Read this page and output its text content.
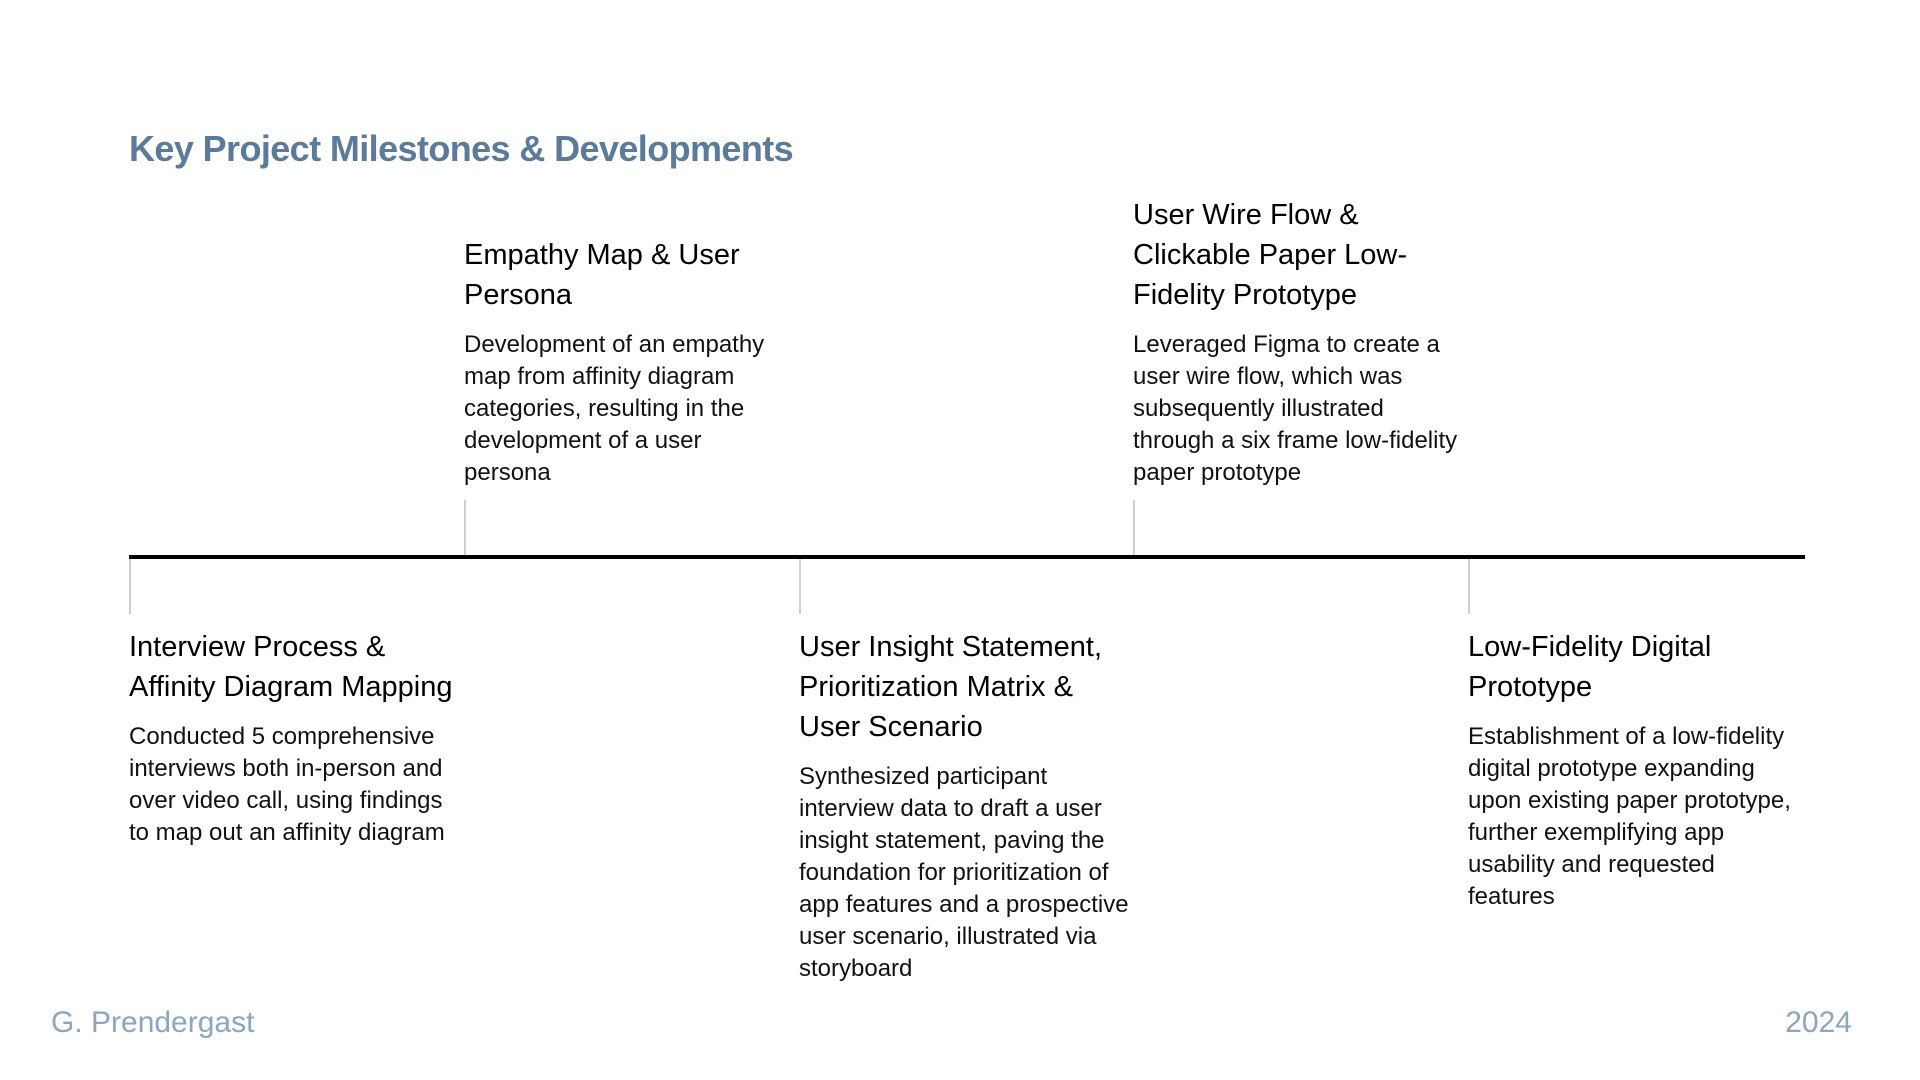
Key Project Milestones & Developments
Empathy Map & User Persona

Development of an empathy map from affinity diagram categories, resulting in the development of a user persona

User Wire Flow & Clickable Paper Low-Fidelity Prototype

Leveraged Figma to create a user wire flow, which was subsequently illustrated through a six frame low-fidelity paper prototype

Interview Process & Affinity Diagram Mapping

Conducted 5 comprehensive interviews both in-person and over video call, using findings to map out an affinity diagram

User Insight Statement, Prioritization Matrix & User Scenario

Synthesized participant interview data to draft a user insight statement, paving the foundation for prioritization of app features and a prospective user scenario, illustrated via storyboard

Low-Fidelity Digital Prototype

Establishment of a low-fidelity digital prototype expanding upon existing paper prototype, further exemplifying app usability and requested features

G. Prendergast	2024
